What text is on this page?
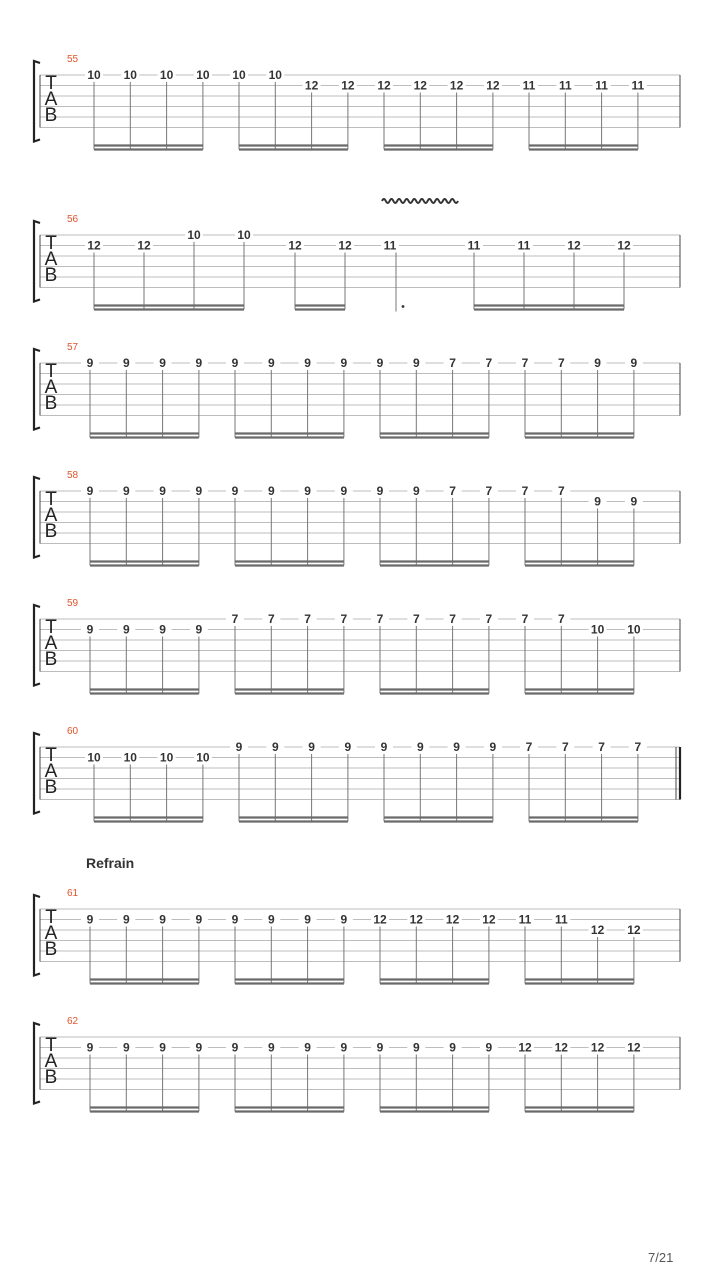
55
T
A
B
10 10 10 10 10 10
12 12 12 12 12 12 11 11 11 11
56
T
A
B
12	12
10	10
12	12	11	11	11	12	12
57
T
A
B
9 9 9 9 9 9 9 9 9 9 7 7 7 7 9 9
58
T
A
B
9 9 9 9 9 9 9 9 9 9 7 7 7 7
9 9
59
T
A
B
9 9 9 9
7 7 7 7 7 7 7 7 7 7
10 10
60
T
A
B
10 10 10 10
9 9 9 9 9 9 9 9 7 7 7 7
61
T
A
B
9 9 9 9 9 9 9 9 12 12 12 12 11 11
12 12
62
T
A
B
9 9 9 9 9 9 9 9 9 9 9 9 12 12 12 12
Refrain
7/21
